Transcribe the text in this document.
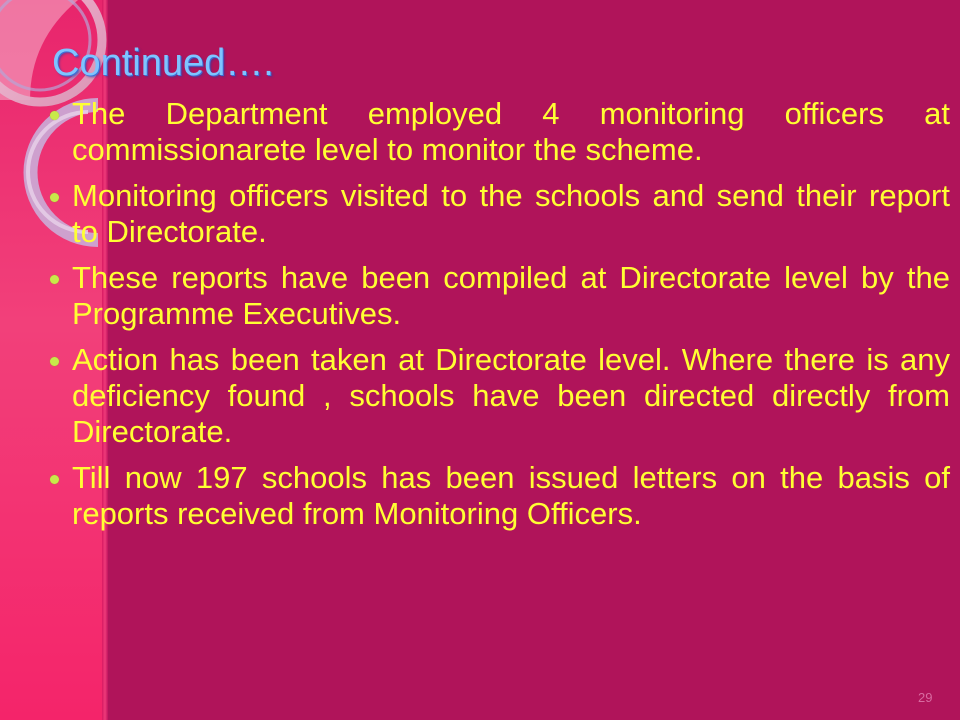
Continued….
The Department employed 4 monitoring officers at commissionarete level to monitor the scheme.
Monitoring officers visited to the schools and send their report to Directorate.
These reports have been compiled at Directorate level by the Programme Executives.
Action has been taken at Directorate level. Where there is any deficiency found , schools have been directed directly from Directorate.
Till now 197 schools has been issued letters on the basis of reports received from Monitoring Officers.
29
